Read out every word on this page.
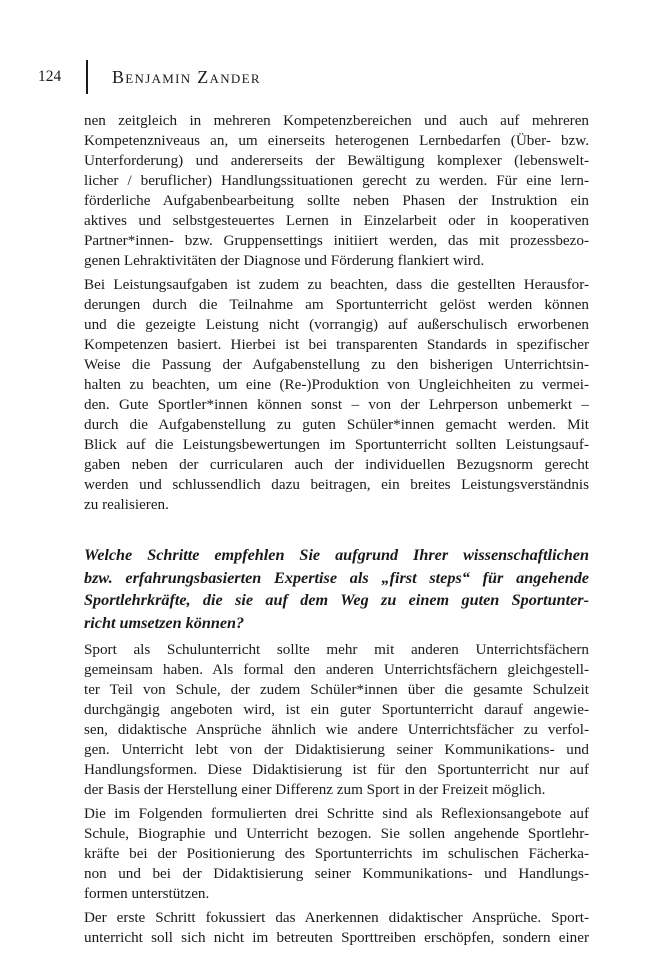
124	Benjamin Zander
nen zeitgleich in mehreren Kompetenzbereichen und auch auf mehreren
Kompetenzniveaus an, um einerseits heterogenen Lernbedarfen (Über- bzw.
Unterforderung) und andererseits der Bewältigung komplexer (lebenswelt-
licher / beruflicher) Handlungssituationen gerecht zu werden. Für eine lern-
förderliche Aufgabenbearbeitung sollte neben Phasen der Instruktion ein
aktives und selbstgesteuertes Lernen in Einzelarbeit oder in kooperativen
Partner*innen- bzw. Gruppensettings initiiert werden, das mit prozessbezo-
genen Lehraktivitäten der Diagnose und Förderung flankiert wird.
Bei Leistungsaufgaben ist zudem zu beachten, dass die gestellten Herausfor-
derungen durch die Teilnahme am Sportunterricht gelöst werden können
und die gezeigte Leistung nicht (vorrangig) auf außerschulisch erworbenen
Kompetenzen basiert. Hierbei ist bei transparenten Standards in spezifischer
Weise die Passung der Aufgabenstellung zu den bisherigen Unterrichtsin-
halten zu beachten, um eine (Re-)Produktion von Ungleichheiten zu vermei-
den. Gute Sportler*innen können sonst – von der Lehrperson unbemerkt –
durch die Aufgabenstellung zu guten Schüler*innen gemacht werden. Mit
Blick auf die Leistungsbewertungen im Sportunterricht sollten Leistungsauf-
gaben neben der curricularen auch der individuellen Bezugsnorm gerecht
werden und schlussendlich dazu beitragen, ein breites Leistungsverständnis
zu realisieren.
Welche Schritte empfehlen Sie aufgrund Ihrer wissenschaftlichen
bzw. erfahrungsbasierten Expertise als „first steps“ für angehende
Sportlehrkräfte, die sie auf dem Weg zu einem guten Sportunter-
richt umsetzen können?
Sport als Schulunterricht sollte mehr mit anderen Unterrichtsfächern
gemeinsam haben. Als formal den anderen Unterrichtsfächern gleichgestell-
ter Teil von Schule, der zudem Schüler*innen über die gesamte Schulzeit
durchgängig angeboten wird, ist ein guter Sportunterricht darauf angewie-
sen, didaktische Ansprüche ähnlich wie andere Unterrichtsfächer zu verfol-
gen. Unterricht lebt von der Didaktisierung seiner Kommunikations- und
Handlungsformen. Diese Didaktisierung ist für den Sportunterricht nur auf
der Basis der Herstellung einer Differenz zum Sport in der Freizeit möglich.
Die im Folgenden formulierten drei Schritte sind als Reflexionsangebote auf
Schule, Biographie und Unterricht bezogen. Sie sollen angehende Sportlehr-
kräfte bei der Positionierung des Sportunterrichts im schulischen Fächerka-
non und bei der Didaktisierung seiner Kommunikations- und Handlungs-
formen unterstützen.
Der erste Schritt fokussiert das Anerkennen didaktischer Ansprüche. Sport-
unterricht soll sich nicht im betreuten Sporttreiben erschöpfen, sondern einer
